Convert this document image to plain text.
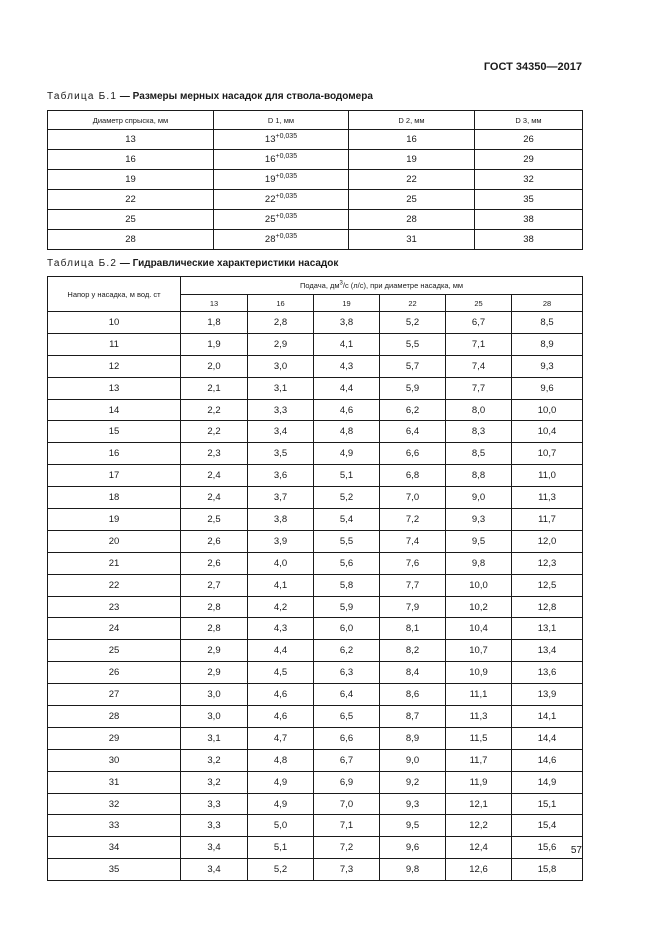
ГОСТ 34350—2017
Таблица Б.1 — Размеры мерных насадок для ствола-водомера
Диаметр спрыска, мм	D 1, мм	D 2, мм	D 3, мм
13	$13^{+0,035}$	16	26
16	$16^{+0,035}$	19	29
19	$19^{+0,035}$	22	32
22	$22^{+0,035}$	25	35
25	$25^{+0,035}$	28	38
28	$28^{+0,035}$	31	38
Таблица Б.2 — Гидравлические характеристики насадок
Напор у насадка, м вод. ст	Подача, $дм^3/с$ (л/с), при диаметре насадка, мм					
	13	16	19	22	25	28
10	1,8	2,8	3,8	5,2	6,7	8,5
11	1,9	2,9	4,1	5,5	7,1	8,9
12	2,0	3,0	4,3	5,7	7,4	9,3
13	2,1	3,1	4,4	5,9	7,7	9,6
14	2,2	3,3	4,6	6,2	8,0	10,0
15	2,2	3,4	4,8	6,4	8,3	10,4
16	2,3	3,5	4,9	6,6	8,5	10,7
17	2,4	3,6	5,1	6,8	8,8	11,0
18	2,4	3,7	5,2	7,0	9,0	11,3
19	2,5	3,8	5,4	7,2	9,3	11,7
20	2,6	3,9	5,5	7,4	9,5	12,0
21	2,6	4,0	5,6	7,6	9,8	12,3
22	2,7	4,1	5,8	7,7	10,0	12,5
23	2,8	4,2	5,9	7,9	10,2	12,8
24	2,8	4,3	6,0	8,1	10,4	13,1
25	2,9	4,4	6,2	8,2	10,7	13,4
26	2,9	4,5	6,3	8,4	10,9	13,6
27	3,0	4,6	6,4	8,6	11,1	13,9
28	3,0	4,6	6,5	8,7	11,3	14,1
29	3,1	4,7	6,6	8,9	11,5	14,4
30	3,2	4,8	6,7	9,0	11,7	14,6
31	3,2	4,9	6,9	9,2	11,9	14,9
32	3,3	4,9	7,0	9,3	12,1	15,1
33	3,3	5,0	7,1	9,5	12,2	15,4
34	3,4	5,1	7,2	9,6	12,4	15,6
35	3,4	5,2	7,3	9,8	12,6	15,8
57
